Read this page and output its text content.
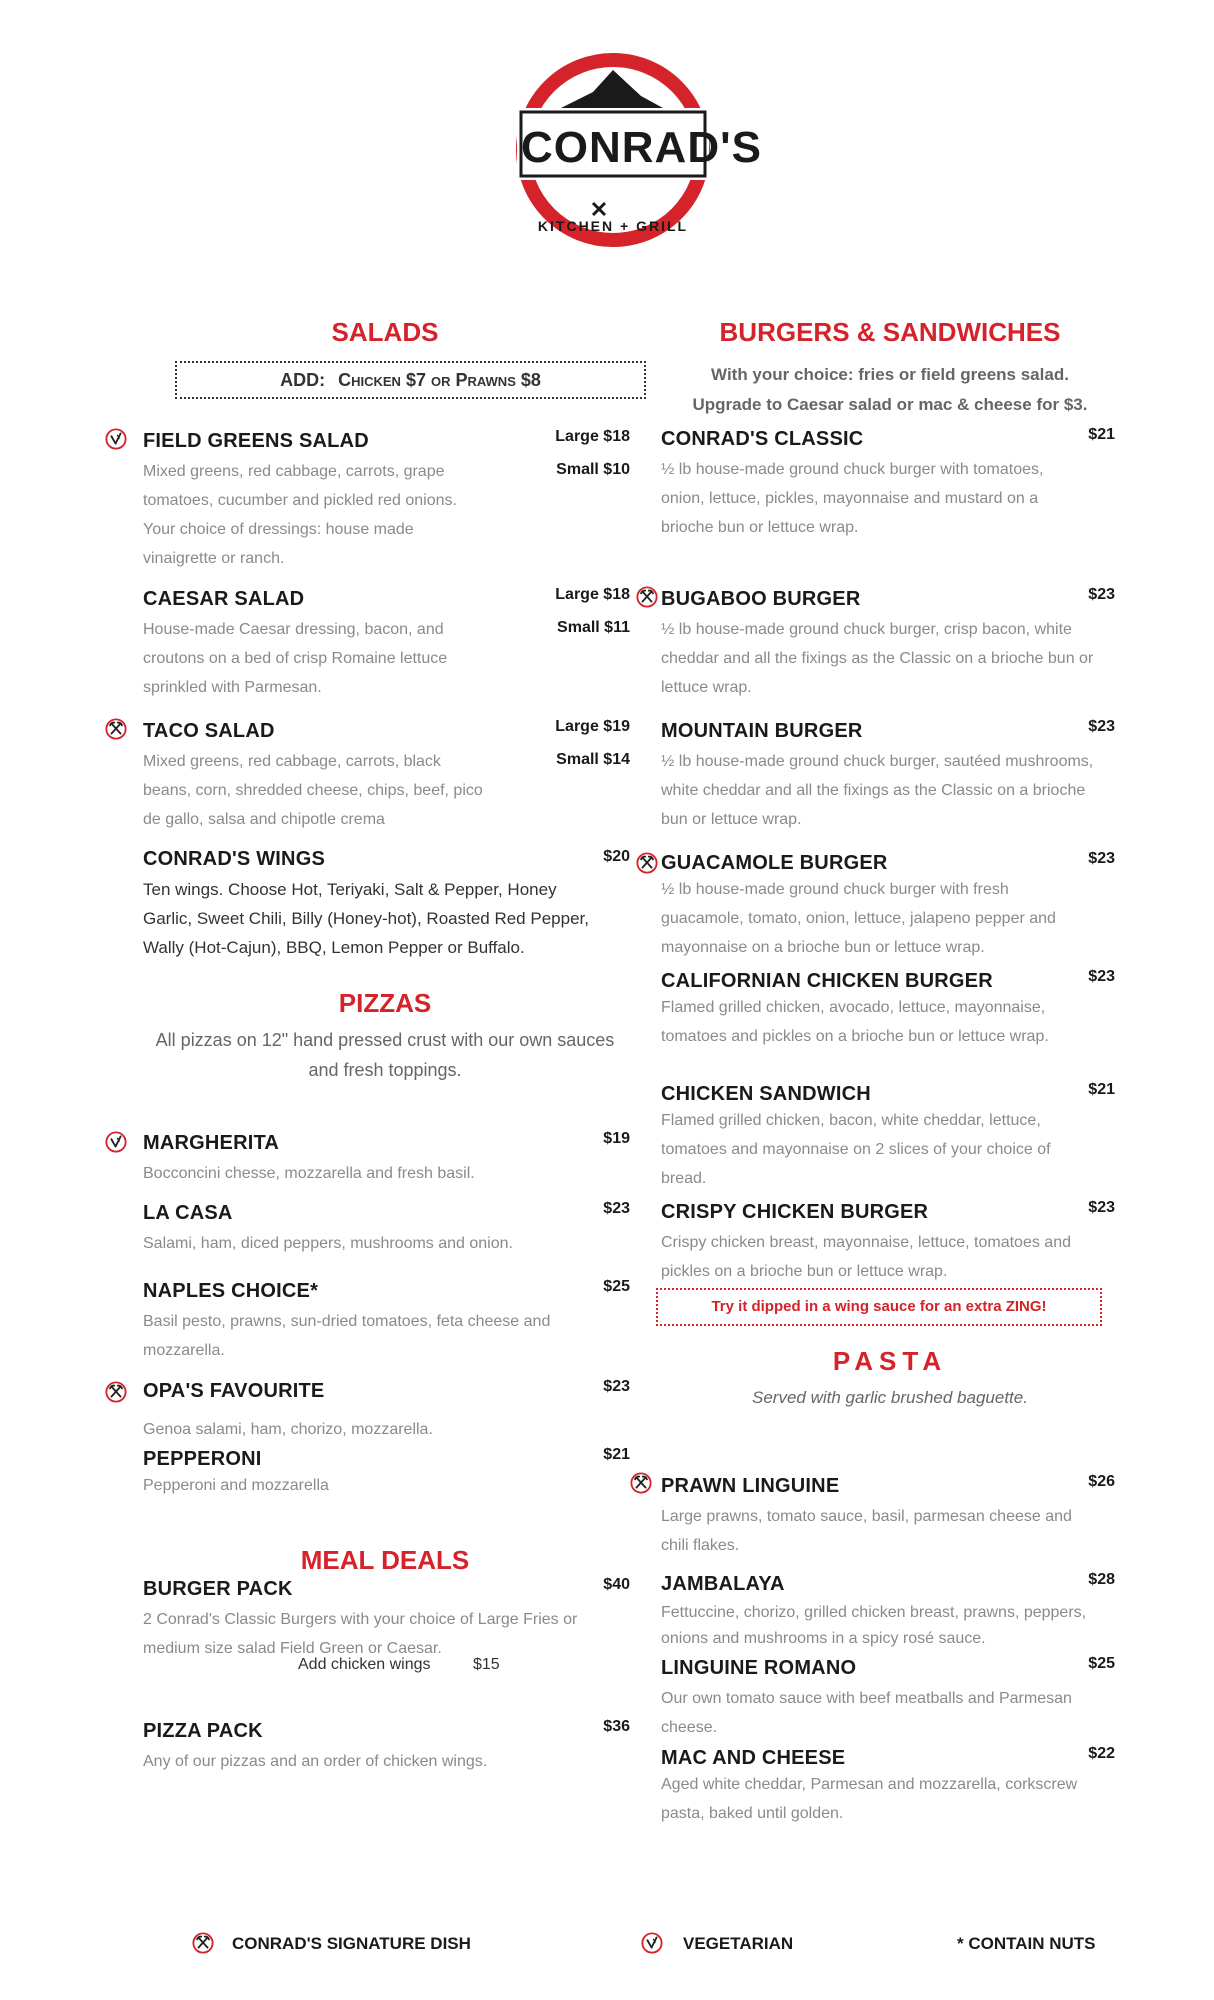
CONRAD'S
KITCHEN + GRILL
SALADS
ADD: Chicken $7 or Prawns $8
FIELD GREENS SALAD
Mixed greens, red cabbage, carrots, grape
tomatoes, cucumber and pickled red onions.
Your choice of dressings: house made
vinaigrette or ranch.
Large $18
Small $10
CAESAR SALAD
House-made Caesar dressing, bacon, and
croutons on a bed of crisp Romaine lettuce
sprinkled with Parmesan.
Large $18
Small $11
TACO SALAD
Mixed greens, red cabbage, carrots, black
beans, corn, shredded cheese, chips, beef, pico
de gallo, salsa and chipotle crema
Large $19
Small $14
CONRAD'S WINGS
Ten wings. Choose Hot, Teriyaki, Salt & Pepper, Honey
Garlic, Sweet Chili, Billy (Honey-hot), Roasted Red Pepper,
Wally (Hot-Cajun), BBQ, Lemon Pepper or Buffalo.
$20
PIZZAS
All pizzas on 12" hand pressed crust with our own sauces
and fresh toppings.
MARGHERITA
Bocconcini chesse, mozzarella and fresh basil.
$19
LA CASA
Salami, ham, diced peppers, mushrooms and onion.
$23
NAPLES CHOICE*
Basil pesto, prawns, sun-dried tomatoes, feta cheese and
mozzarella.
$25
OPA'S FAVOURITE
Genoa salami, ham, chorizo, mozzarella.
$23
PEPPERONI
Pepperoni and mozzarella
$21
MEAL DEALS
BURGER PACK
2 Conrad's Classic Burgers with your choice of Large Fries or
medium size salad Field Green or Caesar.
$40
Add chicken wings	$15
PIZZA PACK
Any of our pizzas and an order of chicken wings.
$36
BURGERS & SANDWICHES
With your choice: fries or field greens salad.
Upgrade to Caesar salad or mac & cheese for $3.
CONRAD'S CLASSIC
½ lb house-made ground chuck burger with tomatoes,
onion, lettuce, pickles, mayonnaise and mustard on a
brioche bun or lettuce wrap.
$21
BUGABOO BURGER
½ lb house-made ground chuck burger, crisp bacon, white
cheddar and all the fixings as the Classic on a brioche bun or
lettuce wrap.
$23
MOUNTAIN BURGER
½ lb house-made ground chuck burger, sautéed mushrooms,
white cheddar and all the fixings as the Classic on a brioche
bun or lettuce wrap.
$23
GUACAMOLE BURGER
½ lb house-made ground chuck burger with fresh
guacamole, tomato, onion, lettuce, jalapeno pepper and
mayonnaise on a brioche bun or lettuce wrap.
$23
CALIFORNIAN CHICKEN BURGER
Flamed grilled chicken, avocado, lettuce, mayonnaise,
tomatoes and pickles on a brioche bun or lettuce wrap.
$23
CHICKEN SANDWICH
Flamed grilled chicken, bacon, white cheddar, lettuce,
tomatoes and mayonnaise on 2 slices of your choice of
bread.
$21
CRISPY CHICKEN BURGER
Crispy chicken breast, mayonnaise, lettuce, tomatoes and
pickles on a brioche bun or lettuce wrap.
$23
Try it dipped in a wing sauce for an extra ZING!
PASTA
Served with garlic brushed baguette.
PRAWN LINGUINE
Large prawns, tomato sauce, basil, parmesan cheese and
chili flakes.
$26
JAMBALAYA
Fettuccine, chorizo, grilled chicken breast, prawns, peppers,
onions and mushrooms in a spicy rosé sauce.
$28
LINGUINE ROMANO
Our own tomato sauce with beef meatballs and Parmesan
cheese.
$25
MAC AND CHEESE
Aged white cheddar, Parmesan and mozzarella, corkscrew
pasta, baked until golden.
$22
CONRAD'S SIGNATURE DISH	VEGETARIAN	* CONTAIN NUTS
